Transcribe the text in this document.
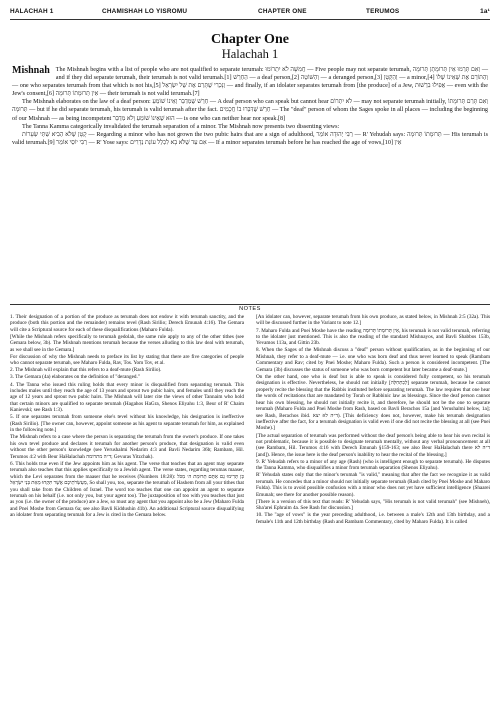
HALACHAH 1	CHAMISHAH LO YISROMU	CHAPTER ONE	TERUMOS	1a¹
Chapter One
Halachah 1

Mishnah The Mishnah begins with a list of people who are not qualified to separate terumah: חֲמִשָּׁה לֹא יִתְרוֹמוּ — Five people may not separate terumah, וְאִם תָּרְמוּ אֵין תְּרוּמָתָן תְּרוּמָה — and if they did separate terumah, their terumah is not valid terumah.[1] הַחֵרֵשׁ — a deaf person,[2] וְהַשּׁוֹטֶה — a deranged person,[3] וְהַקָּטָן — a minor,[4] וְהַתּוֹרֵם אֶת שֶׁאֵינוֹ שֶׁלּוֹ — one who separates terumah from that which is not his,[5] וְנָכְרִי שֶׁתָּרַם אֶת שֶׁל יִשְׂרָאֵל — and finally, if an idolater separates terumah from [the produce] of a Jew, אֲפִילוּ בִרְשׁוּת — even with the Jew's consent,[6] אֵין תְּרוּמָתוֹ תְּרוּמָה — their terumah is not valid terumah.[7]

The Mishnah elaborates on the law of a deaf person: חֵרֵשׁ שֶׁמְדַבֵּר וְאֵינוֹ שׁוֹמֵעַ — A deaf person who can speak but cannot hear לֹא יִתְרוֹם — may not separate terumah initially, וְאִם תָּרַם תְּרוּמָתוֹ תְּרוּמָה — but if he did separate terumah, his terumah is valid terumah after the fact. חֵרֵשׁ שֶׁדִּבְּרוּ בוֹ חֲכָמִים — The "deaf" person of whom the Sages spoke in all places — including the beginning of our Mishnah — as being incompetent הוּא שֶׁאֵינוֹ שׁוֹמֵעַ וְלֹא מְדַבֵּר — is one who can neither hear nor speak.[8]

The Tanna Kamma categorically invalidated the terumah separation of a minor. The Mishnah now presents two dissenting views:

קָטָן שֶׁלֹּא הֵבִיא שְׁתֵּי שְׂעָרוֹת — Regarding a minor who has not grown the two pubic hairs that are a sign of adulthood, רַבִּי יְהוּדָה אוֹמֵר — R' Yehudah says: תְּרוּמָתוֹ תְּרוּמָה — His terumah is valid terumah.[9] רַבִּי יוֹסֵי אוֹמֵר — R' Yose says: אִם עַד שֶׁלֹּא בָא לִכְלַל עוֹנַת נְדָרִים — If a minor separates terumah before he has reached the age of vows,[10] אֵין

NOTES

1. Their designation of a portion of the produce as terumah does not endow it with terumah sanctity, and the produce (both this portion and the remainder) remains tevel (Rash Sirilio; Derech Emunah 4:16). The Gemara will cite a Scriptural source for each of these disqualifications (Maharo Fulda).

[While the Mishnah refers specifically to terumah gedolah, the same rule apply to any of the other tithes (see Gemara below, 3b). The Mishnah mentions terumah because the verses alluding to this law deal with terumah, as we shall see in the Gemara.]

For discussion of why the Mishnah needs to preface its list by stating that there are five categories of people who cannot separate terumah, see Maharo Fulda, Rav, Tos. Yom Tov, et al.

2. The Mishnah will explain that this refers to a deaf-mute (Rash Sirilio).

3. The Gemara (4a) elaborates on the definition of "deranged."

4. The Tanna who issued this ruling holds that every minor is disqualified from separating terumah. This includes males until they reach the age of 13 years and sprout two pubic hairs, and females until they reach the age of 12 years and sprout two pubic hairs. The Mishnah will later cite the views of other Tannaim who hold that certain minors are qualified to separate terumah (Hagahos HaGra, Shenos Eliyahu 1:3, Beur of R' Chaim Kanievski; see Rash 1:3).

5. If one separates terumah from someone else's tevel without his knowledge, his designation is ineffective (Rash Sirilio). [The owner can, however, appoint someone as his agent to separate terumah for him, as explained in the following note.]

The Mishnah refers to a case where the person is separating the terumah from the owner's produce. If one takes his own tevel produce and declares it terumah for another person's produce, that designation is valid even without the other person's knowledge (see Yerushalmi Nedarim 4:3 and Bavli Nedarim 36b; Rambam, Hil. Terumos 4:2 with Beur HaHalachah ד״ה מתרומה; Gevuras Yitzchak).

6. This holds true even if the Jew appoints him as his agent. The verse that teaches that an agent may separate terumah also teaches that this applies specifically to a Jewish agent. The verse states, regarding terumas maaser, which the Levi separates from the maaser that he receives (Numbers 18:28): כֵּן תָּרִימוּ גַם אַתֶּם תְּרוּמַת ה׳ מִכֹּל מַעְשְׂרֹתֵיכֶם אֲשֶׁר תִּקְחוּ מֵאֵת בְּנֵי יִשְׂרָאֵל, So shall you, too, separate the terumah of Hashem from all your tithes that you shall take from the Children of Israel. The word too teaches that one can appoint an agent to separate terumah on his behalf (i.e. not only you, but your agent too). The juxtaposition of too with you teaches that just as you (i.e. the owner of the produce) are a Jew, so must any agent that you appoint also be a Jew (Maharo Fulda and Pnei Moshe from Gemara 6a; see also Bavli Kiddushin 41b). An additional Scriptural source disqualifying an idolater from separating terumah for a Jew is cited in the Gemara below.

[An idolater can, however, separate terumah from his own produce, as stated below, in Mishnah 2:5 (32a). This will be discussed further in the Variant to note 12.]

7. Maharo Fulda and Pnei Moshe have the reading אֵין תְּרוּמָתוֹ תְּרוּמָה, his terumah is not valid terumah, referring to the idolater just mentioned. This is also the reading of the standard Mishnayos, and Bavli Shabbos 153b, Yevamos 113a, and Gittin 23b.

8. When the Sages of the Mishnah discuss a "deaf" person without qualification, as in the beginning of our Mishnah, they refer to a deaf-mute — i.e. one who was born deaf and thus never learned to speak (Rambam Commentary and Rav; cited by Pnei Moshe; Maharo Fulda). Such a person is considered incompetent. [The Gemara (3b) discusses the status of someone who was born competent but later became a deaf-mute.]

On the other hand, one who is deaf but is able to speak is considered fully competent, so his terumah designation is effective. Nevertheless, he should not initially [לְכַתְּחִלָּה] separate terumah, because he cannot properly recite the blessing that the Rabbis instituted before separating terumah. The law requires that one hear the words of recitations that are mandated by Torah or Rabbinic law as blessings. Since the deaf person cannot hear his own blessing, he should not initially recite it, and therefore, he should not be the one to separate terumah (Maharo Fulda and Pnei Moshe from Rash, based on Bavli Berachos 15a [and Yerushalmi below, 1a]; see Rash, Berachos ibid. ד״ה לא יצא). [This deficiency does not, however, make his terumah designation ineffective after the fact, for a terumah designation is valid even if one did not recite the blessing at all (see Pnei Moshe).]

[The actual separation of terumah was performed without the deaf person's being able to hear his own recital is not problematic, because it is possible to designate terumah mentally, without any verbal pronouncement at all (see Rambam, Hil. Terumos 4:16 with Derech Emunah §159-163; see also Beur HaHalachah there ד״ה לא [and]). Hence, the issue here is the deaf person's inability to hear the recital of the blessing.]

9. R' Yehudah refers to a minor of any age (Rash) (who is intelligent enough to separate terumah). He disputes the Tanna Kamma, who disqualifies a minor from terumah separation (Shenos Eliyahu).

R' Yehudah states only that the minor's terumah "is valid," meaning that after the fact we recognize it as valid terumah. He concedes that a minor should not initially separate terumah (Rash cited by Pnei Moshe and Maharo Fulda). This is to avoid possible confusion with a minor who does not yet have sufficient intelligence (Shaarei Emunah; see there for another possible reason).

[There is a version of this text that reads: R' Yehudah says, "His terumah is not valid terumah" (see Mishneh), Sha'arei Ephraim 4a. See Rash for discussion.]

10. The "age of vows" is the year preceding adulthood, i.e. between a male's 12th and 13th birthday, and a female's 11th and 12th birthday (Rash and Rambam Commentary, cited by Maharo Fulda). It is called
